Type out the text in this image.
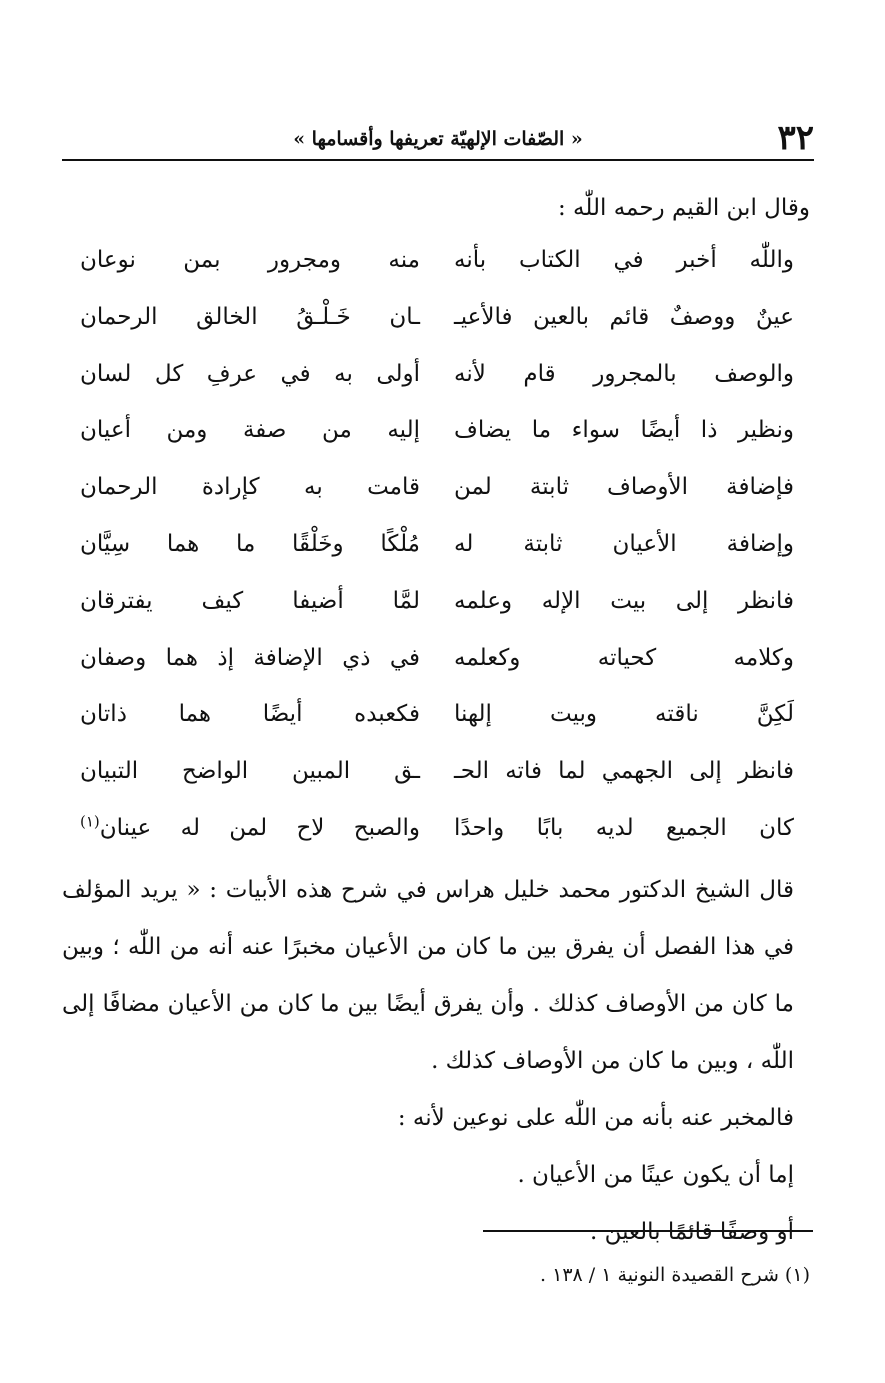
٣٢
« الصّفات الإلهيّة تعريفها وأقسامها »
وقال ابن القيم رحمه اللّٰه :
واللّٰه أخبر في الكتاب بأنه
منه ومجرور بمن نوعان
عينٌ ووصفٌ قائم بالعين فالأعيـ
ـان خَـلْـقُ الخالق الرحمان
والوصف بالمجرور قام لأنه
أولى به في عرفِ كل لسان
ونظير ذا أيضًا سواء ما يضاف
إليه من صفة ومن أعيان
فإضافة الأوصاف ثابتة لمن
قامت به كإرادة الرحمان
وإضافة الأعيان ثابتة له
مُلْكًا وخَلْقًا ما هما سِيَّان
فانظر إلى بيت الإله وعلمه
لمَّا أضيفا كيف يفترقان
وكلامه كحياته وكعلمه
في ذي الإضافة إذ هما وصفان
لَكِنَّ ناقته وبيت إلهنا
فكعبده أيضًا هما ذاتان
فانظر إلى الجهمي لما فاته الحـ
ـق المبين الواضح التبيان
كان الجميع لديه بابًا واحدًا
والصبح لاح لمن له عينان$^{(١)}$

قال الشيخ الدكتور محمد خليل هراس في شرح هذه الأبيات : « يريد المؤلف في هذا الفصل أن يفرق بين ما كان من الأعيان مخبرًا عنه أنه من اللّٰه ؛ وبين ما كان من الأوصاف كذلك . وأن يفرق أيضًا بين ما كان من الأعيان مضافًا إلى اللّٰه ، وبين ما كان من الأوصاف كذلك .

فالمخبر عنه بأنه من اللّٰه على نوعين لأنه :

إما أن يكون عينًا من الأعيان .

أو وصفًا قائمًا بالعين .

(١) شرح القصيدة النونية ١ / ١٣٨ .
